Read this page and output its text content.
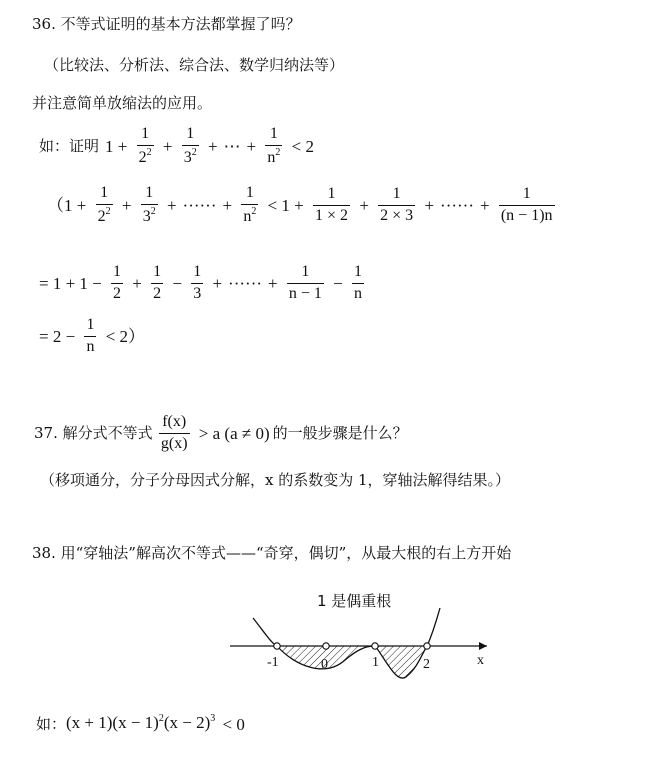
36. 不等式证明的基本方法都掌握了吗？
（比较法、分析法、综合法、数学归纳法等）
并注意简单放缩法的应用。
如：证明 $1 + \frac{1}{2^2} + \frac{1}{3^2}$ + ⋯ + $\frac{1}{n^2} < 2$
（$1 + \frac{1}{2^2} + \frac{1}{3^2}$ + ······ + $\frac{1}{n^2} < 1 + \frac{1}{1 \times 2} + \frac{1}{2 \times 3}$ + ······ + $\frac{1}{(n - 1)n}$
= $1 + 1 - \frac{1}{2} + \frac{1}{2} - \frac{1}{3}$ + ······ + $\frac{1}{n - 1} - \frac{1}{n}$
= $2 - \frac{1}{n} < 2$）
37. 解分式不等式 $\frac{f(x)}{g(x)} > a$ (a ≠ 0) 的一般步骤是什么？
（移项通分，分子分母因式分解，x 的系数变为 1，穿轴法解得结果。）
38. 用“穿轴法”解高次不等式——“奇穿，偶切”，从最大根的右上方开始
1 是偶重根
-1	0	1	2	x
如：$(x + 1)(x - 1)^2(x - 2)^3 < 0$
